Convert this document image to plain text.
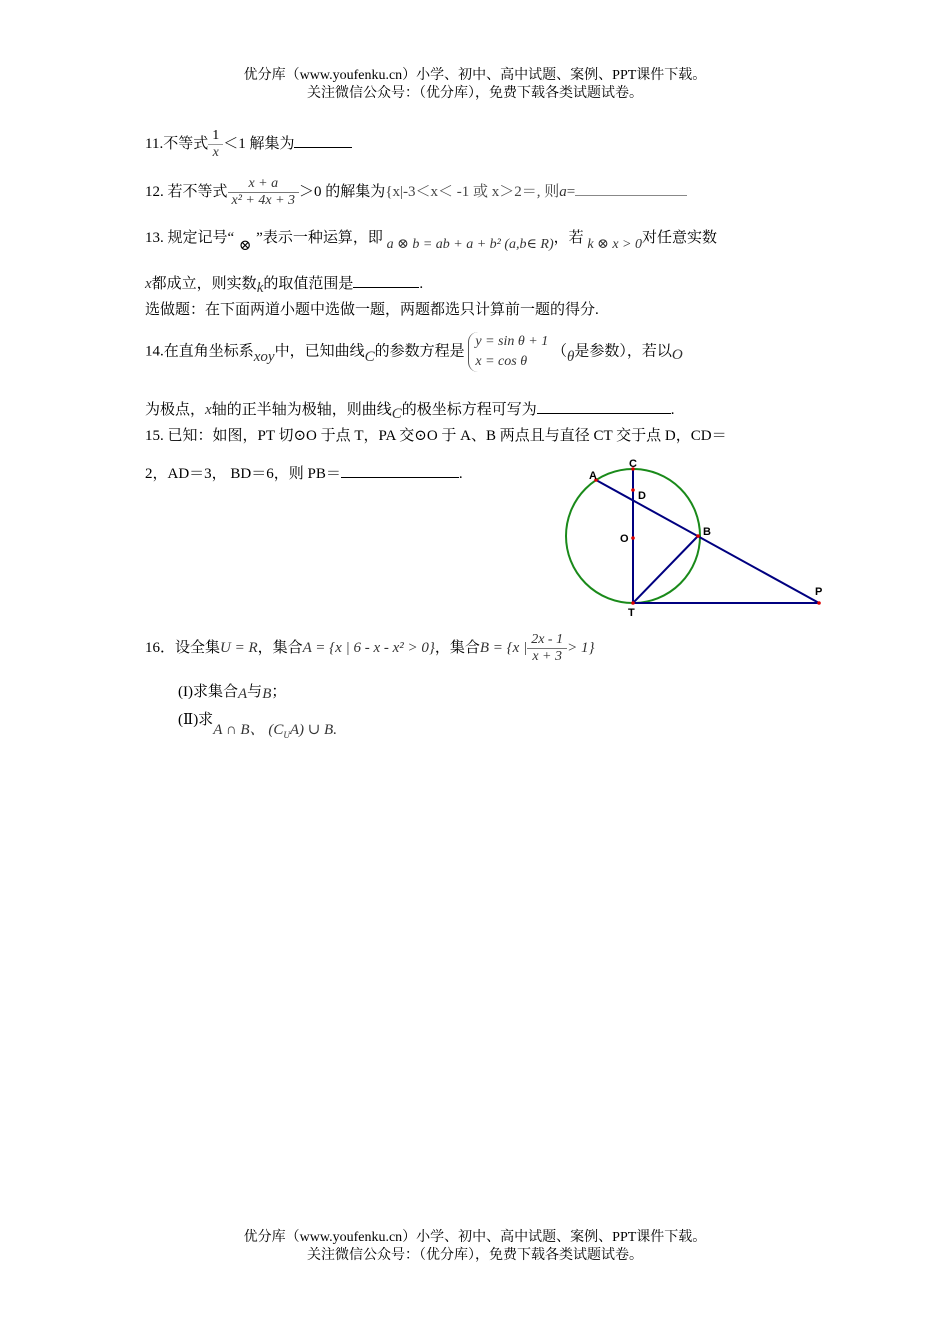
优分库（www.youfenku.cn）小学、初中、高中试题、案例、PPT课件下载。
关注微信公众号：（优分库），免费下载各类试题试卷。
11.不等式 $\frac{1}{x} <1$ 解集为
12. 若不等式 $\frac{x + a}{\text{x² + 4x + 3}} >0$ 的解集为{x|-3＜x＜ -1 或 x＞2＝, 则a=
13. 规定记号“ ⊗ ”表示一种运算，即 a ⊗ b = ab + a + b² (a,b∈ R)，若 k ⊗ x > 0对任意实数
x都成立，则实数k的取值范围是	.
选做题：在下面两道小题中选做一题，两题都选只计算前一题的得分.
14.在直角坐标系xoy中，已知曲线C的参数方程是
y = sin θ + 1
x = cos θ
（θ是参数），若以O
为极点，x轴的正半轴为极轴，则曲线C的极坐标方程可写为	.
15. 已知：如图，PT 切⊙O 于点 T，PA 交⊙O 于 A、B 两点且与直径 CT 交于点 D，CD＝
2，AD＝3， BD＝6，则 PB＝	.	A
C
D
O
B
T
P
16．设全集U = R，集合A = {x | 6 - x - x² > 0}，集合B = {x | $\frac{2x - 1}{x + 3} > 1$}
(I)求集合A与B；
(Ⅱ)求A ∩ B、 $(C_UA)$ ∪ B.
优分库（www.youfenku.cn）小学、初中、高中试题、案例、PPT课件下载。
关注微信公众号：（优分库），免费下载各类试题试卷。
